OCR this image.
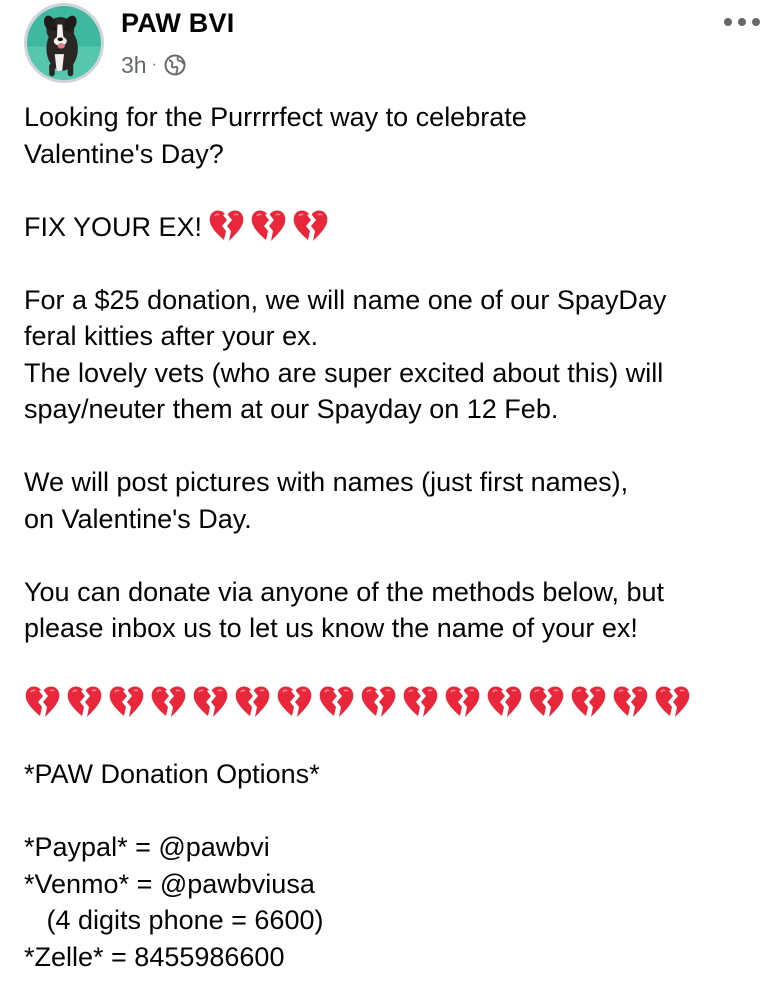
PAW BVI
3h ·

Looking for the Purrrrfect way to celebrate

Valentine's Day?

FIX YOUR EX!

For a $25 donation, we will name one of our SpayDay

feral kitties after your ex.

The lovely vets (who are super excited about this) will

spay/neuter them at our Spayday on 12 Feb.

We will post pictures with names (just first names),

on Valentine's Day.

You can donate via anyone of the methods below, but

please inbox us to let us know the name of your ex!

*PAW Donation Options*

*Paypal* = @pawbvi

*Venmo* = @pawbviusa

(4 digits phone = 6600)

*Zelle* = 8455986600
